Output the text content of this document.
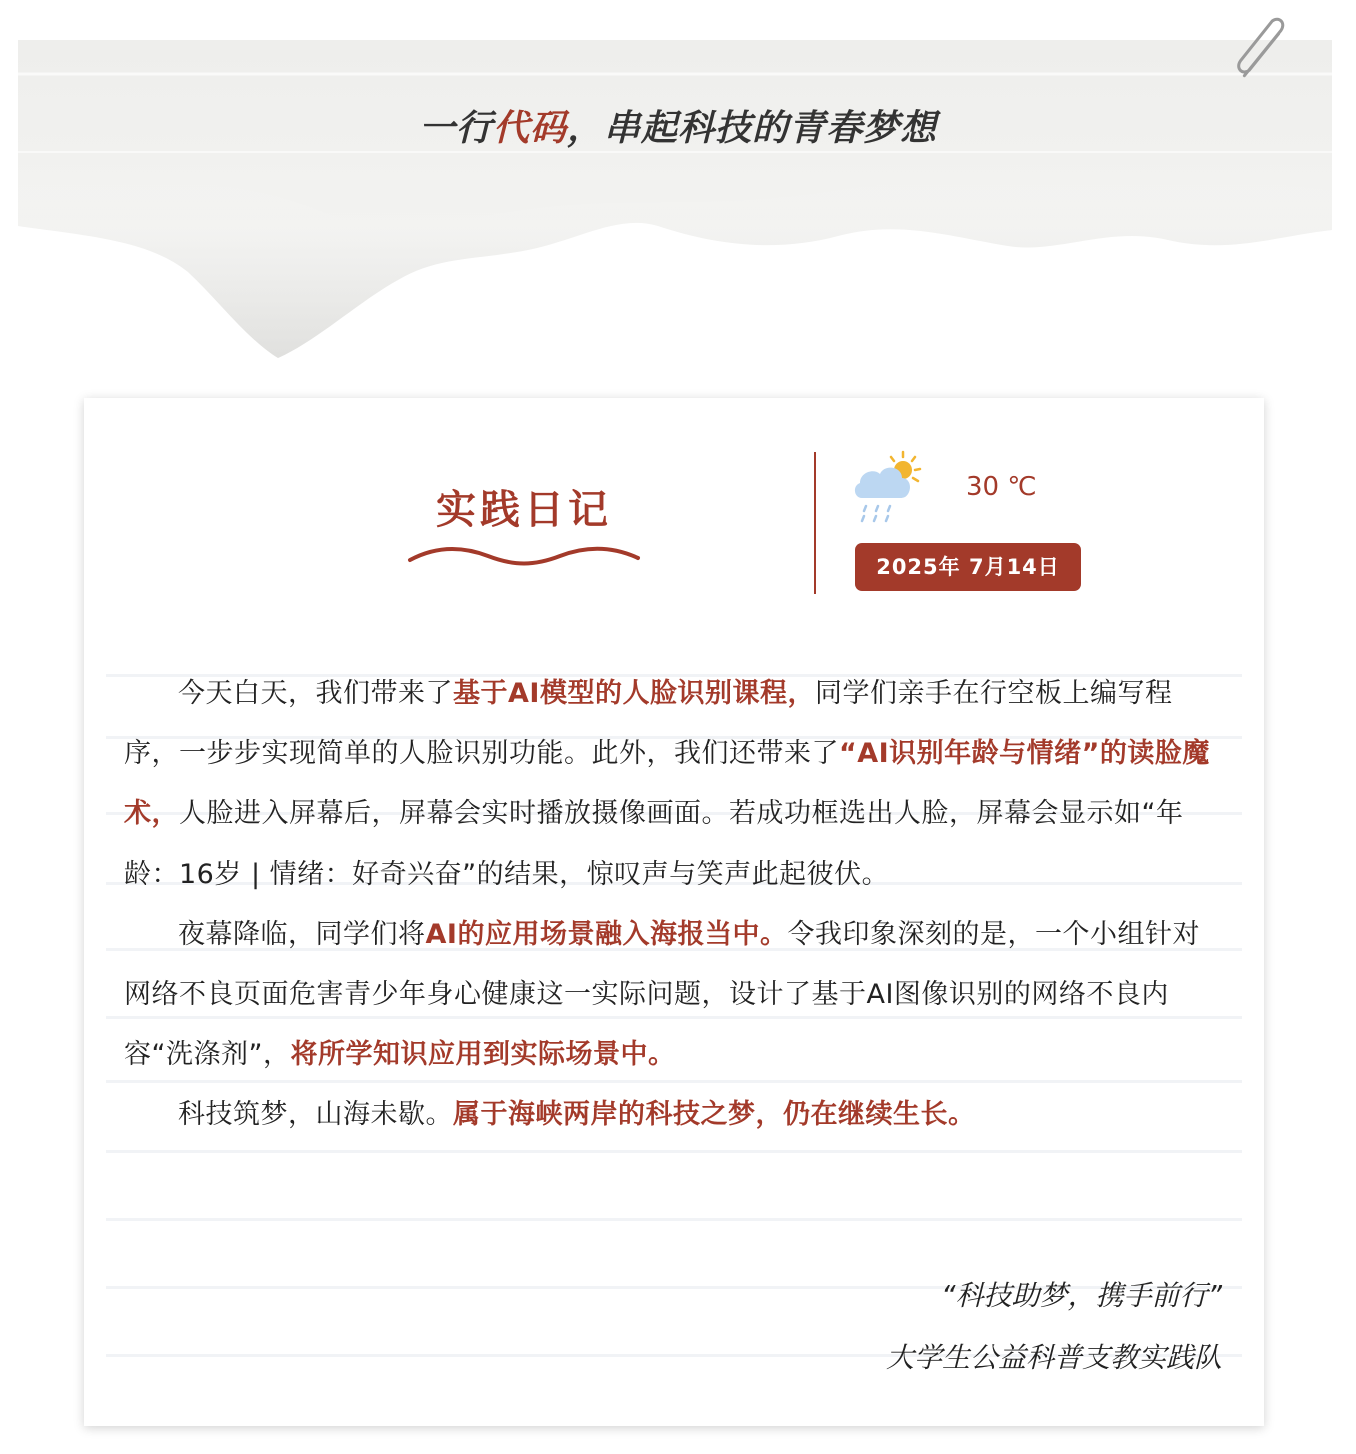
一行代码，串起科技的青春梦想
实践日记	30 ℃
2025年 7月14日

今天白天，我们带来了基于AI模型的人脸识别课程，同学们亲手在行空板上编写程序，一步步实现简单的人脸识别功能。此外，我们还带来了“AI识别年龄与情绪”的读脸魔术，人脸进入屏幕后，屏幕会实时播放摄像画面。若成功框选出人脸，屏幕会显示如“年龄：16岁 | 情绪：好奇兴奋”的结果，惊叹声与笑声此起彼伏。

夜幕降临，同学们将AI的应用场景融入海报当中。令我印象深刻的是，一个小组针对网络不良页面危害青少年身心健康这一实际问题，设计了基于AI图像识别的网络不良内容“洗涤剂”，将所学知识应用到实际场景中。

科技筑梦，山海未歇。属于海峡两岸的科技之梦，仍在继续生长。

“科技助梦，携手前行”
大学生公益科普支教实践队
